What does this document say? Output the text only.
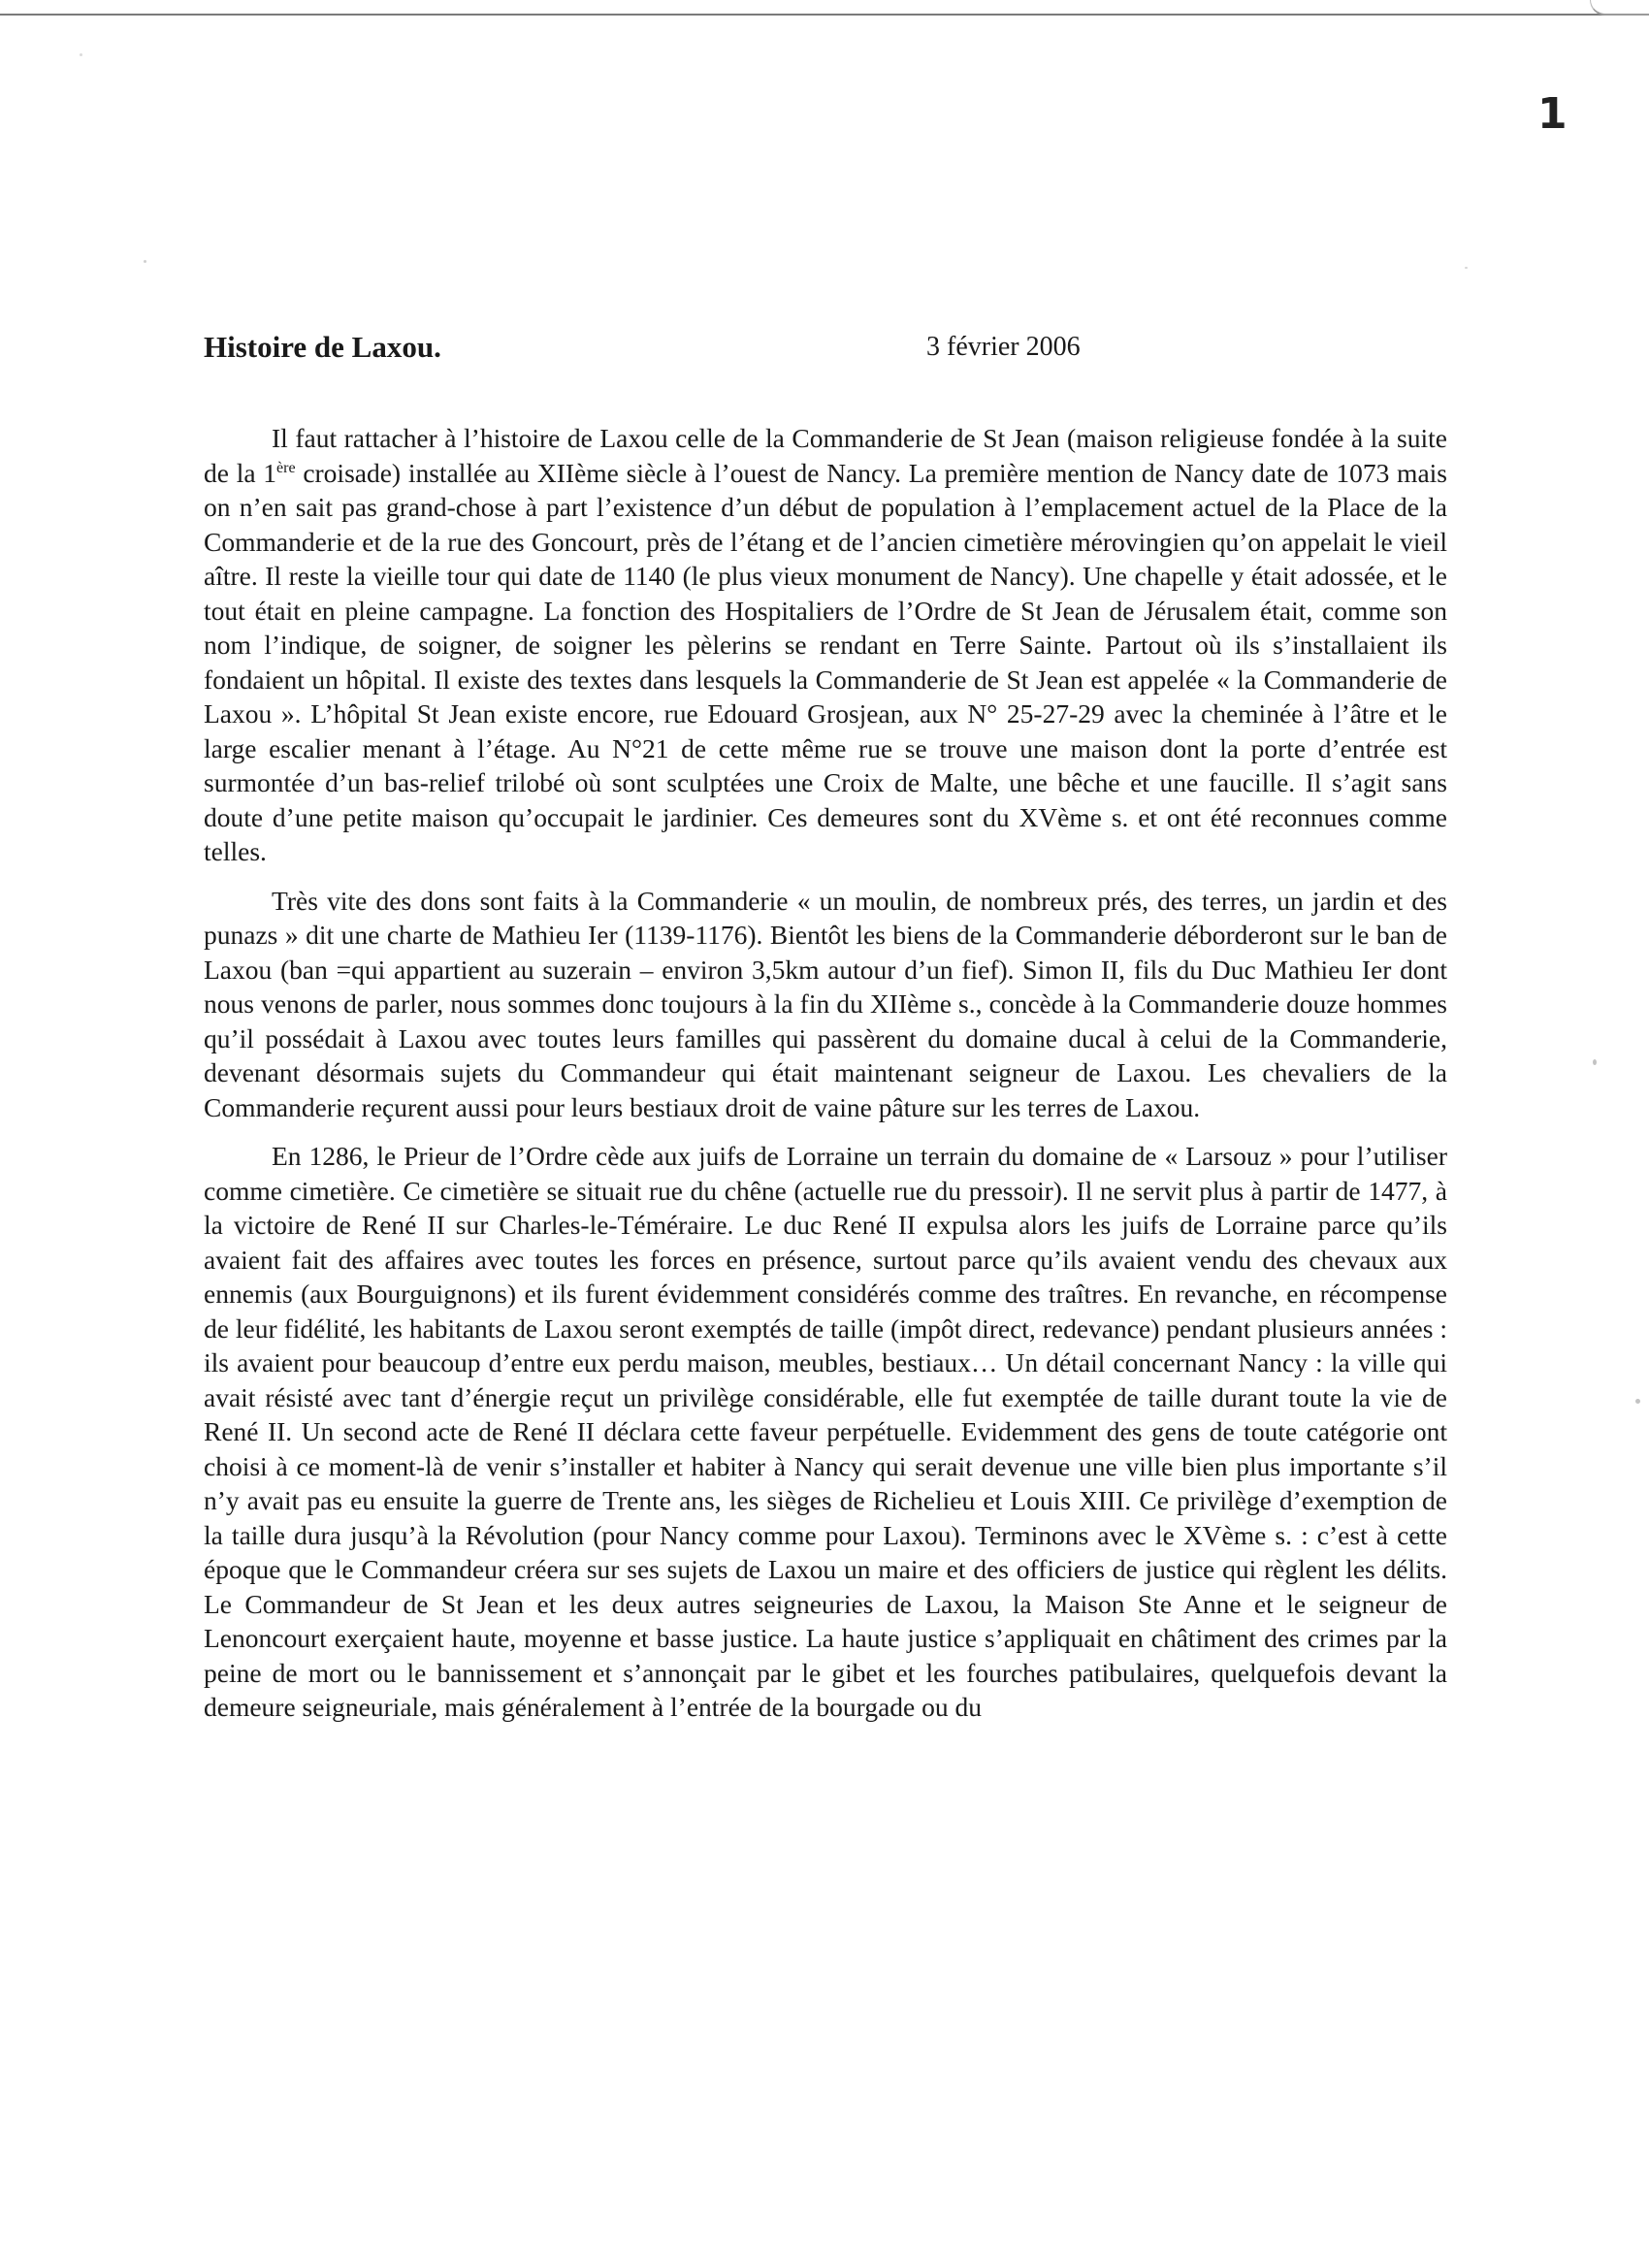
1
Histoire de Laxou.	3 février 2006

Il faut rattacher à l’histoire de Laxou celle de la Commanderie de St Jean (maison religieuse fondée à la suite de la 1ère croisade) installée au XIIème siècle à l’ouest de Nancy. La première mention de Nancy date de 1073 mais on n’en sait pas grand-chose à part l’existence d’un début de population à l’emplacement actuel de la Place de la Commanderie et de la rue des Goncourt, près de l’étang et de l’ancien cimetière mérovingien qu’on appelait le vieil aître. Il reste la vieille tour qui date de 1140 (le plus vieux monument de Nancy). Une chapelle y était adossée, et le tout était en pleine campagne. La fonction des Hospitaliers de l’Ordre de St Jean de Jérusalem était, comme son nom l’indique, de soigner, de soigner les pèlerins se rendant en Terre Sainte. Partout où ils s’installaient ils fondaient un hôpital. Il existe des textes dans lesquels la Commanderie de St Jean est appelée « la Commanderie de Laxou ». L’hôpital St Jean existe encore, rue Edouard Grosjean, aux N° 25-27-29 avec la cheminée à l’âtre et le large escalier menant à l’étage. Au N°21 de cette même rue se trouve une maison dont la porte d’entrée est surmontée d’un bas-relief trilobé où sont sculptées une Croix de Malte, une bêche et une faucille. Il s’agit sans doute d’une petite maison qu’occupait le jardinier. Ces demeures sont du XVème s. et ont été reconnues comme telles.

Très vite des dons sont faits à la Commanderie « un moulin, de nombreux prés, des terres, un jardin et des punazs » dit une charte de Mathieu Ier (1139-1176). Bientôt les biens de la Commanderie déborderont sur le ban de Laxou (ban =qui appartient au suzerain – environ 3,5km autour d’un fief). Simon II, fils du Duc Mathieu Ier dont nous venons de parler, nous sommes donc toujours à la fin du XIIème s., concède à la Commanderie douze hommes qu’il possédait à Laxou avec toutes leurs familles qui passèrent du domaine ducal à celui de la Commanderie, devenant désormais sujets du Commandeur qui était maintenant seigneur de Laxou. Les chevaliers de la Commanderie reçurent aussi pour leurs bestiaux droit de vaine pâture sur les terres de Laxou.

En 1286, le Prieur de l’Ordre cède aux juifs de Lorraine un terrain du domaine de « Larsouz » pour l’utiliser comme cimetière. Ce cimetière se situait rue du chêne (actuelle rue du pressoir). Il ne servit plus à partir de 1477, à la victoire de René II sur Charles-le-Téméraire. Le duc René II expulsa alors les juifs de Lorraine parce qu’ils avaient fait des affaires avec toutes les forces en présence, surtout parce qu’ils avaient vendu des chevaux aux ennemis (aux Bourguignons) et ils furent évidemment considérés comme des traîtres. En revanche, en récompense de leur fidélité, les habitants de Laxou seront exemptés de taille (impôt direct, redevance) pendant plusieurs années : ils avaient pour beaucoup d’entre eux perdu maison, meubles, bestiaux… Un détail concernant Nancy : la ville qui avait résisté avec tant d’énergie reçut un privilège considérable, elle fut exemptée de taille durant toute la vie de René II. Un second acte de René II déclara cette faveur perpétuelle. Evidemment des gens de toute catégorie ont choisi à ce moment-là de venir s’installer et habiter à Nancy qui serait devenue une ville bien plus importante s’il n’y avait pas eu ensuite la guerre de Trente ans, les sièges de Richelieu et Louis XIII. Ce privilège d’exemption de la taille dura jusqu’à la Révolution (pour Nancy comme pour Laxou). Terminons avec le XVème s. : c’est à cette époque que le Commandeur créera sur ses sujets de Laxou un maire et des officiers de justice qui règlent les délits. Le Commandeur de St Jean et les deux autres seigneuries de Laxou, la Maison Ste Anne et le seigneur de Lenoncourt exerçaient haute, moyenne et basse justice. La haute justice s’appliquait en châtiment des crimes par la peine de mort ou le bannissement et s’annonçait par le gibet et les fourches patibulaires, quelquefois devant la demeure seigneuriale, mais généralement à l’entrée de la bourgade ou du
